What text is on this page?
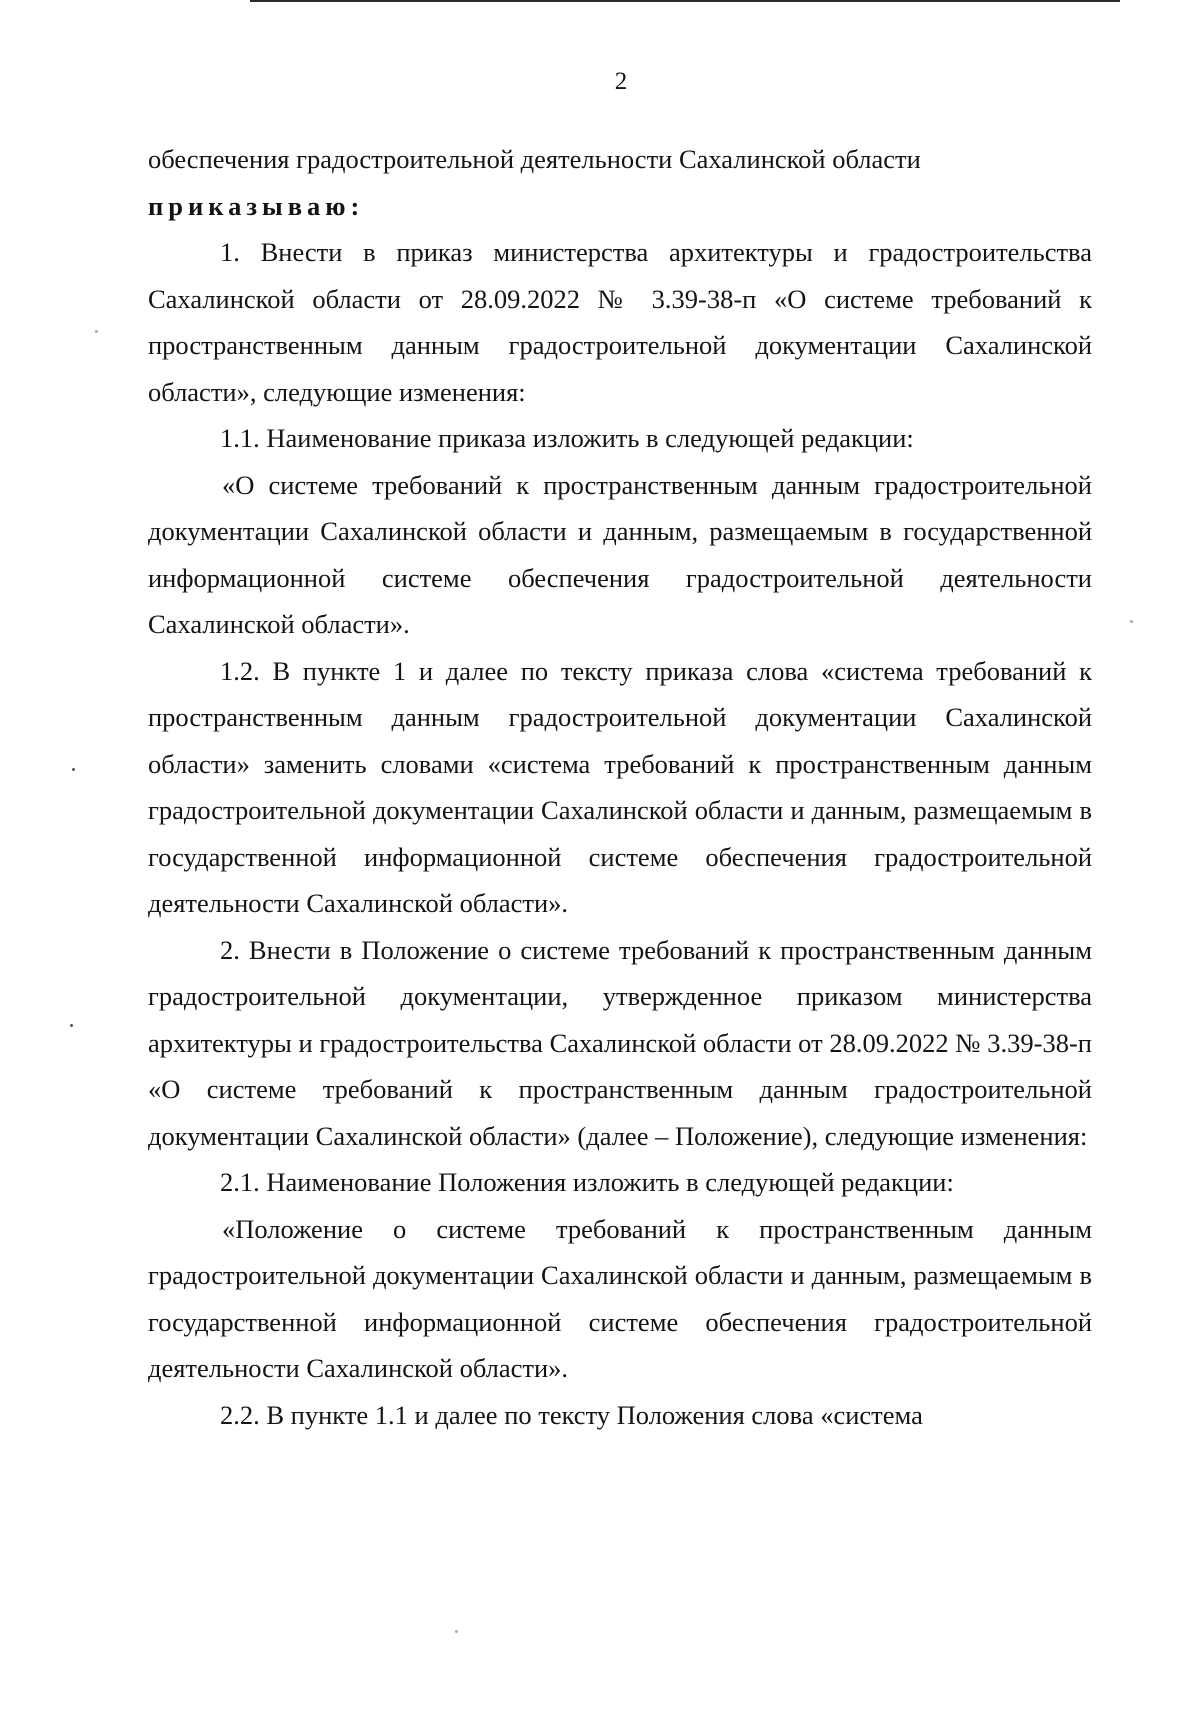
2

обеспечения градостроительной деятельности Сахалинской области

приказываю:

1. Внести в приказ министерства архитектуры и градостроительства Сахалинской области от 28.09.2022 № 3.39-38-п «О системе требований к пространственным данным градостроительной документации Сахалинской области», следующие изменения:

1.1. Наименование приказа изложить в следующей редакции:

«О системе требований к пространственным данным градостроительной документации Сахалинской области и данным, размещаемым в государственной информационной системе обеспечения градостроительной деятельности Сахалинской области».

1.2. В пункте 1 и далее по тексту приказа слова «система требований к пространственным данным градостроительной документации Сахалинской области» заменить словами «система требований к пространственным данным градостроительной документации Сахалинской области и данным, размещаемым в государственной информационной системе обеспечения градостроительной деятельности Сахалинской области».

2. Внести в Положение о системе требований к пространственным данным градостроительной документации, утвержденное приказом министерства архитектуры и градостроительства Сахалинской области от 28.09.2022 № 3.39-38-п «О системе требований к пространственным данным градостроительной документации Сахалинской области» (далее – Положение), следующие изменения:

2.1. Наименование Положения изложить в следующей редакции:

«Положение о системе требований к пространственным данным градостроительной документации Сахалинской области и данным, размещаемым в государственной информационной системе обеспечения градостроительной деятельности Сахалинской области».

2.2. В пункте 1.1 и далее по тексту Положения слова «система
